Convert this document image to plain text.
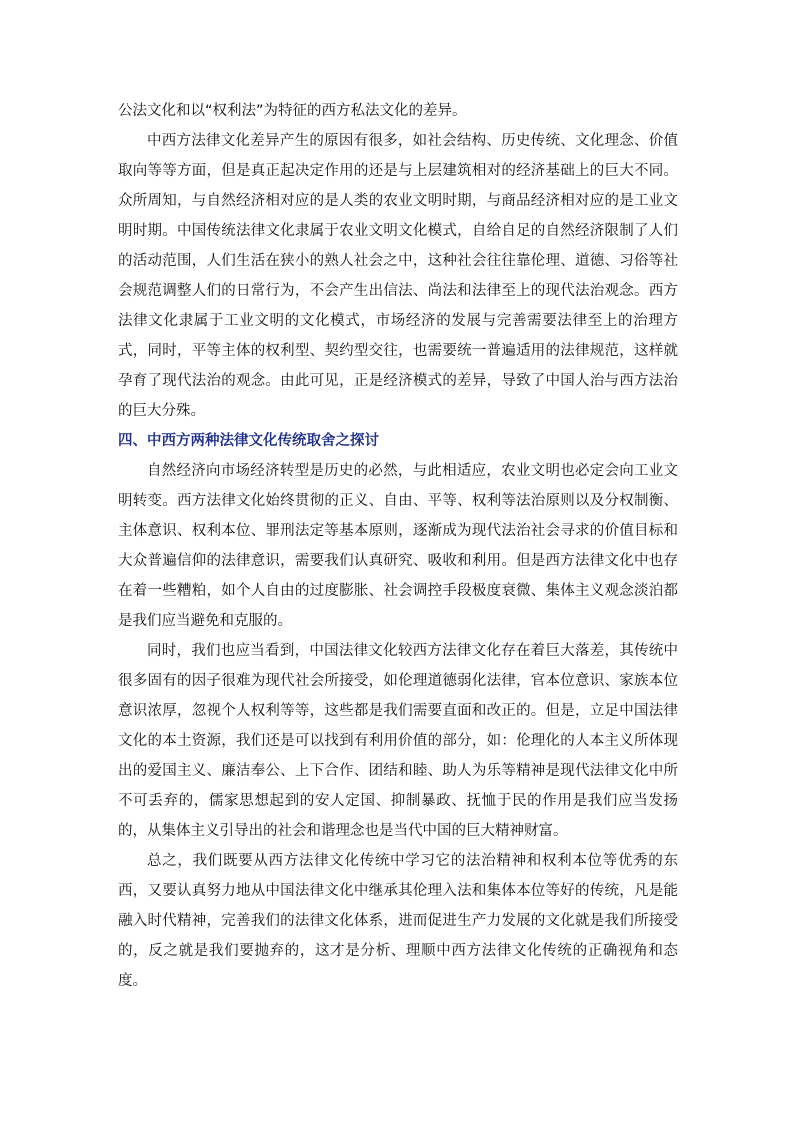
公法文化和以“权利法”为特征的西方私法文化的差异。

中西方法律文化差异产生的原因有很多，如社会结构、历史传统、文化理念、价值取向等等方面，但是真正起决定作用的还是与上层建筑相对的经济基础上的巨大不同。众所周知，与自然经济相对应的是人类的农业文明时期，与商品经济相对应的是工业文明时期。中国传统法律文化隶属于农业文明文化模式，自给自足的自然经济限制了人们的活动范围，人们生活在狭小的熟人社会之中，这种社会往往靠伦理、道德、习俗等社会规范调整人们的日常行为，不会产生出信法、尚法和法律至上的现代法治观念。西方法律文化隶属于工业文明的文化模式，市场经济的发展与完善需要法律至上的治理方式，同时，平等主体的权利型、契约型交往，也需要统一普遍适用的法律规范，这样就孕育了现代法治的观念。由此可见，正是经济模式的差异，导致了中国人治与西方法治的巨大分殊。

四、中西方两种法律文化传统取舍之探讨

自然经济向市场经济转型是历史的必然，与此相适应，农业文明也必定会向工业文明转变。西方法律文化始终贯彻的正义、自由、平等、权利等法治原则以及分权制衡、主体意识、权利本位、罪刑法定等基本原则，逐渐成为现代法治社会寻求的价值目标和大众普遍信仰的法律意识，需要我们认真研究、吸收和利用。但是西方法律文化中也存在着一些糟粕，如个人自由的过度膨胀、社会调控手段极度衰微、集体主义观念淡泊都是我们应当避免和克服的。

同时，我们也应当看到，中国法律文化较西方法律文化存在着巨大落差，其传统中很多固有的因子很难为现代社会所接受，如伦理道德弱化法律，官本位意识、家族本位意识浓厚，忽视个人权利等等，这些都是我们需要直面和改正的。但是，立足中国法律文化的本土资源，我们还是可以找到有利用价值的部分，如：伦理化的人本主义所体现出的爱国主义、廉洁奉公、上下合作、团结和睦、助人为乐等精神是现代法律文化中所不可丢弃的，儒家思想起到的安人定国、抑制暴政、抚恤于民的作用是我们应当发扬的，从集体主义引导出的社会和谐理念也是当代中国的巨大精神财富。

总之，我们既要从西方法律文化传统中学习它的法治精神和权利本位等优秀的东西，又要认真努力地从中国法律文化中继承其伦理入法和集体本位等好的传统，凡是能融入时代精神，完善我们的法律文化体系，进而促进生产力发展的文化就是我们所接受的，反之就是我们要抛弃的，这才是分析、理顺中西方法律文化传统的正确视角和态度。
